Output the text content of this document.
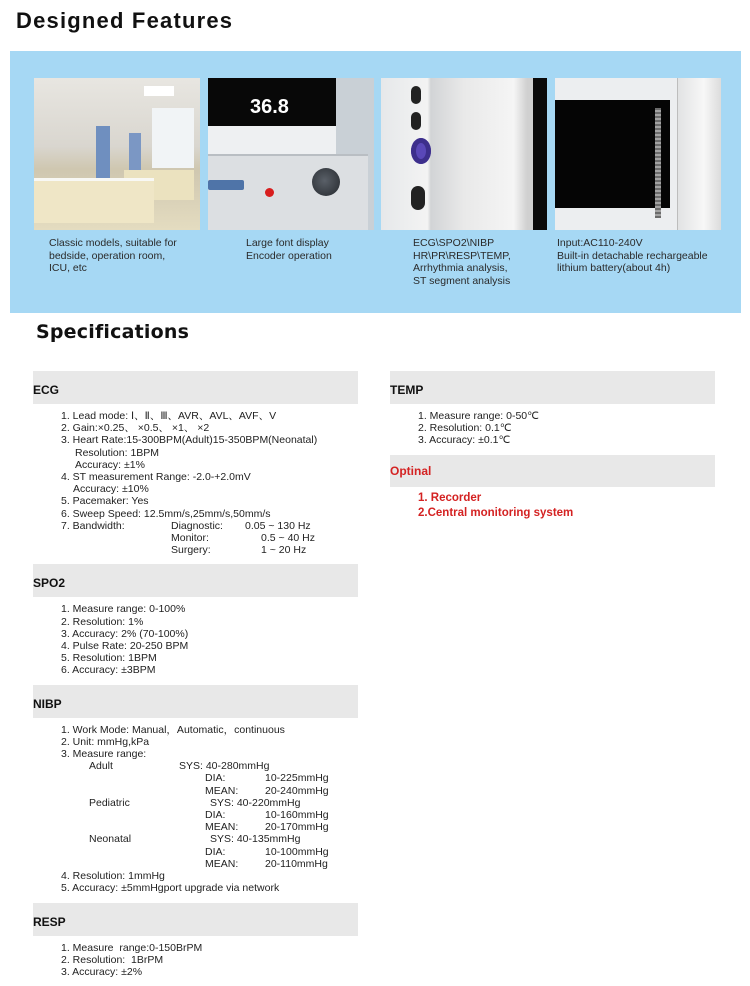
Designed Features
Classic models, suitable for
bedside, operation room,
ICU, etc
36.8
Large font display
Encoder operation
ECG\SPO2\NIBP
HR\PR\RESP\TEMP,
Arrhythmia analysis,
ST segment analysis
Input:AC110-240V
Built-in detachable rechargeable
lithium battery(about 4h)
Specifications
ECG
1. Lead mode: Ⅰ、Ⅱ、Ⅲ、AVR、AVL、AVF、V
2. Gain:×0.25、 ×0.5、 ×1、 ×2
3. Heart Rate:15-300BPM(Adult)15-350BPM(Neonatal)
Resolution: 1BPM
Accuracy: ±1%
4. ST measurement Range: -2.0-+2.0mV
Accuracy: ±10%
5. Pacemaker: Yes
6. Sweep Speed: 12.5mm/s,25mm/s,50mm/s
7. Bandwidth:	Diagnostic:	0.05 ~ 130 Hz
Monitor:	0.5 ~ 40 Hz
Surgery:	1 ~ 20 Hz
SPO2
1. Measure range: 0-100%
2. Resolution: 1%
3. Accuracy: 2% (70-100%)
4. Pulse Rate: 20-250 BPM
5. Resolution: 1BPM
6. Accuracy: ±3BPM
NIBP
1. Work Mode: Manual，Automatic，continuous
2. Unit: mmHg,kPa
3. Measure range:
Adult	SYS: 40-280mmHg
DIA:	10-225mmHg
MEAN:	20-240mmHg
Pediatric	SYS: 40-220mmHg
DIA:	10-160mmHg
MEAN:	20-170mmHg
Neonatal	SYS: 40-135mmHg
DIA:	10-100mmHg
MEAN:	20-110mmHg
4. Resolution: 1mmHg
5. Accuracy: ±5mmHgport upgrade via network
RESP
1. Measure  range:0-150BrPM
2. Resolution:  1BrPM
3. Accuracy: ±2%
TEMP
1. Measure range: 0-50℃
2. Resolution: 0.1℃
3. Accuracy: ±0.1℃
Optinal
1. Recorder
2.Central monitoring system
